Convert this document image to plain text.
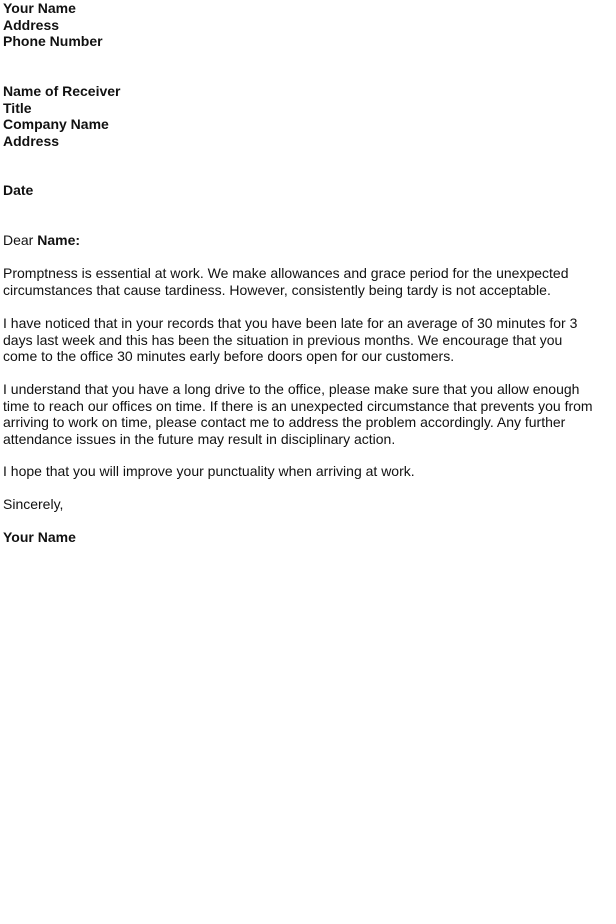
Your Name
Address
Phone Number
Name of Receiver
Title
Company Name
Address
Date
Dear Name:
Promptness is essential at work. We make allowances and grace period for the unexpected
circumstances that cause tardiness. However, consistently being tardy is not acceptable.
I have noticed that in your records that you have been late for an average of 30 minutes for 3
days last week and this has been the situation in previous months. We encourage that you
come to the office 30 minutes early before doors open for our customers.
I understand that you have a long drive to the office, please make sure that you allow enough
time to reach our offices on time. If there is an unexpected circumstance that prevents you from
arriving to work on time, please contact me to address the problem accordingly. Any further
attendance issues in the future may result in disciplinary action.
I hope that you will improve your punctuality when arriving at work.
Sincerely,
Your Name
